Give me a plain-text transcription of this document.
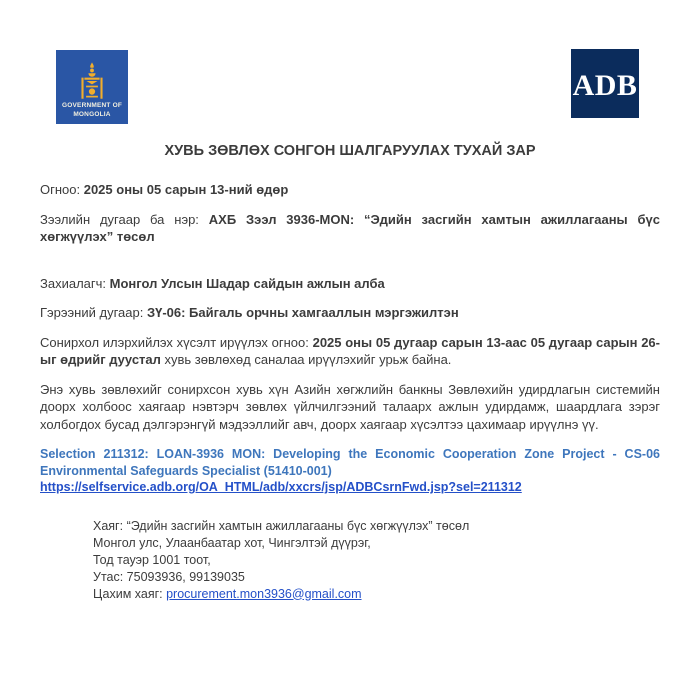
GOVERNMENT OF
MONGOLIA
ADB
ХУВЬ ЗӨВЛӨХ СОНГОН ШАЛГАРУУЛАХ ТУХАЙ ЗАР

Огноо: 2025 оны 05 сарын 13-ний өдөр

Зээлийн дугаар ба нэр: АХБ Зээл 3936-MON: “Эдийн засгийн хамтын ажиллагааны бүс хөгжүүлэх” төсөл

Захиалагч: Монгол Улсын Шадар сайдын ажлын алба

Гэрээний дугаар: ЗҮ-06: Байгаль орчны хамгааллын мэргэжилтэн

Сонирхол илэрхийлэх хүсэлт ирүүлэх огноо: 2025 оны 05 дугаар сарын 13-аас 05 дугаар сарын 26-ыг өдрийг дуустал хувь зөвлөхөд саналаа ирүүлэхийг урьж байна.

Энэ хувь зөвлөхийг сонирхсон хувь хүн Азийн хөгжлийн банкны Зөвлөхийн удирдлагын системийн доорх холбоос хаягаар нэвтэрч зөвлөх үйлчилгээний талаарх ажлын удирдамж, шаардлага зэрэг холбогдох бусад дэлгэрэнгүй мэдээллийг авч, доорх хаягаар хүсэлтээ цахимаар ирүүлнэ үү.

Selection 211312: LOAN-3936 MON: Developing the Economic Cooperation Zone Project - CS-06 Environmental Safeguards Specialist (51410-001)
https://selfservice.adb.org/OA_HTML/adb/xxcrs/jsp/ADBCsrnFwd.jsp?sel=211312

Хаяг: “Эдийн засгийн хамтын ажиллагааны бүс хөгжүүлэх” төсөл
Монгол улс, Улаанбаатар хот, Чингэлтэй дүүрэг,
Тод тауэр 1001 тоот,
Утас: 75093936, 99139035
Цахим хаяг: procurement.mon3936@gmail.com
